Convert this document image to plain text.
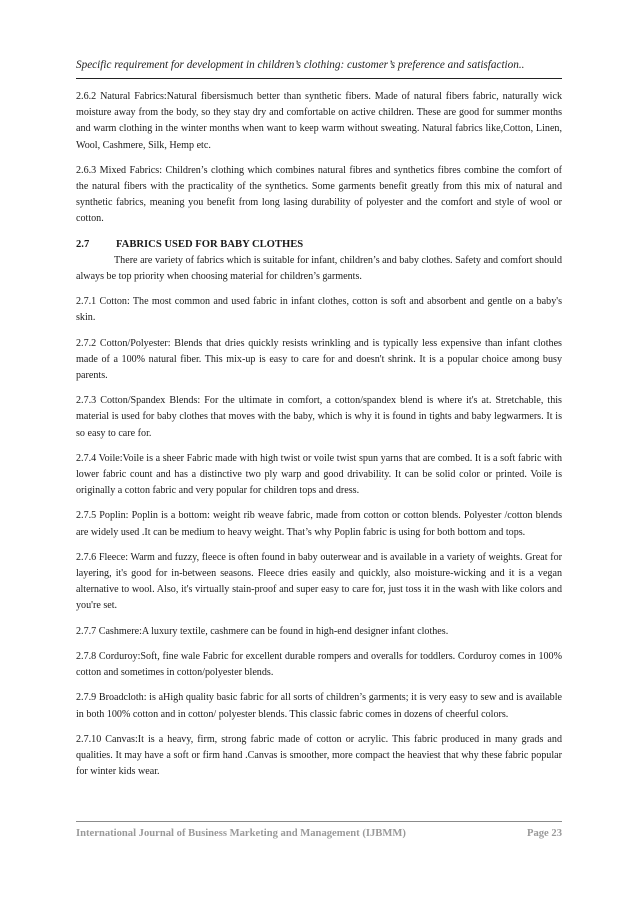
Specific requirement for development in children’s clothing: customer’s preference and satisfaction..

2.6.2 Natural Fabrics:Natural fibersismuch better than synthetic fibers. Made of natural fibers fabric, naturally wick moisture away from the body, so they stay dry and comfortable on active children. These are good for summer months and warm clothing in the winter months when want to keep warm without sweating. Natural fabrics like,Cotton, Linen, Wool, Cashmere, Silk, Hemp etc.

2.6.3 Mixed Fabrics: Children’s clothing which combines natural fibres and synthetics fibres combine the comfort of the natural fibers with the practicality of the synthetics. Some garments benefit greatly from this mix of natural and synthetic fabrics, meaning you benefit from long lasing durability of polyester and the comfort and style of wool or cotton.

2.7	FABRICS USED FOR BABY CLOTHES

There are variety of fabrics which is suitable for infant, children’s and baby clothes. Safety and comfort should always be top priority when choosing material for children’s garments.

2.7.1 Cotton: The most common and used fabric in infant clothes, cotton is soft and absorbent and gentle on a baby's skin.

2.7.2 Cotton/Polyester: Blends that dries quickly resists wrinkling and is typically less expensive than infant clothes made of a 100% natural fiber. This mix-up is easy to care for and doesn't shrink. It is a popular choice among busy parents.

2.7.3 Cotton/Spandex Blends: For the ultimate in comfort, a cotton/spandex blend is where it's at. Stretchable, this material is used for baby clothes that moves with the baby, which is why it is found in tights and baby legwarmers. It is so easy to care for.

2.7.4 Voile:Voile is a sheer Fabric made with high twist or voile twist spun yarns that are combed. It is a soft fabric with lower fabric count and has a distinctive two ply warp and good drivability. It can be solid color or printed. Voile is originally a cotton fabric and very popular for children tops and dress.

2.7.5 Poplin: Poplin is a bottom: weight rib weave fabric, made from cotton or cotton blends. Polyester /cotton blends are widely used .It can be medium to heavy weight. That’s why Poplin fabric is using for both bottom and tops.

2.7.6 Fleece: Warm and fuzzy, fleece is often found in baby outerwear and is available in a variety of weights. Great for layering, it's good for in-between seasons. Fleece dries easily and quickly, also moisture-wicking and it is a vegan alternative to wool. Also, it's virtually stain-proof and super easy to care for, just toss it in the wash with like colors and you're set.

2.7.7 Cashmere:A luxury textile, cashmere can be found in high-end designer infant clothes.

2.7.8 Corduroy:Soft, fine wale Fabric for excellent durable rompers and overalls for toddlers. Corduroy comes in 100% cotton and sometimes in cotton/polyester blends.

2.7.9 Broadcloth: is aHigh quality basic fabric for all sorts of children’s garments; it is very easy to sew and is available in both 100% cotton and in cotton/ polyester blends. This classic fabric comes in dozens of cheerful colors.

2.7.10 Canvas:It is a heavy, firm, strong fabric made of cotton or acrylic. This fabric produced in many grads and qualities. It may have a soft or firm hand .Canvas is smoother, more compact the heaviest that why these fabric popular for winter kids wear.

International Journal of Business Marketing and Management (IJBMM)	Page 23
